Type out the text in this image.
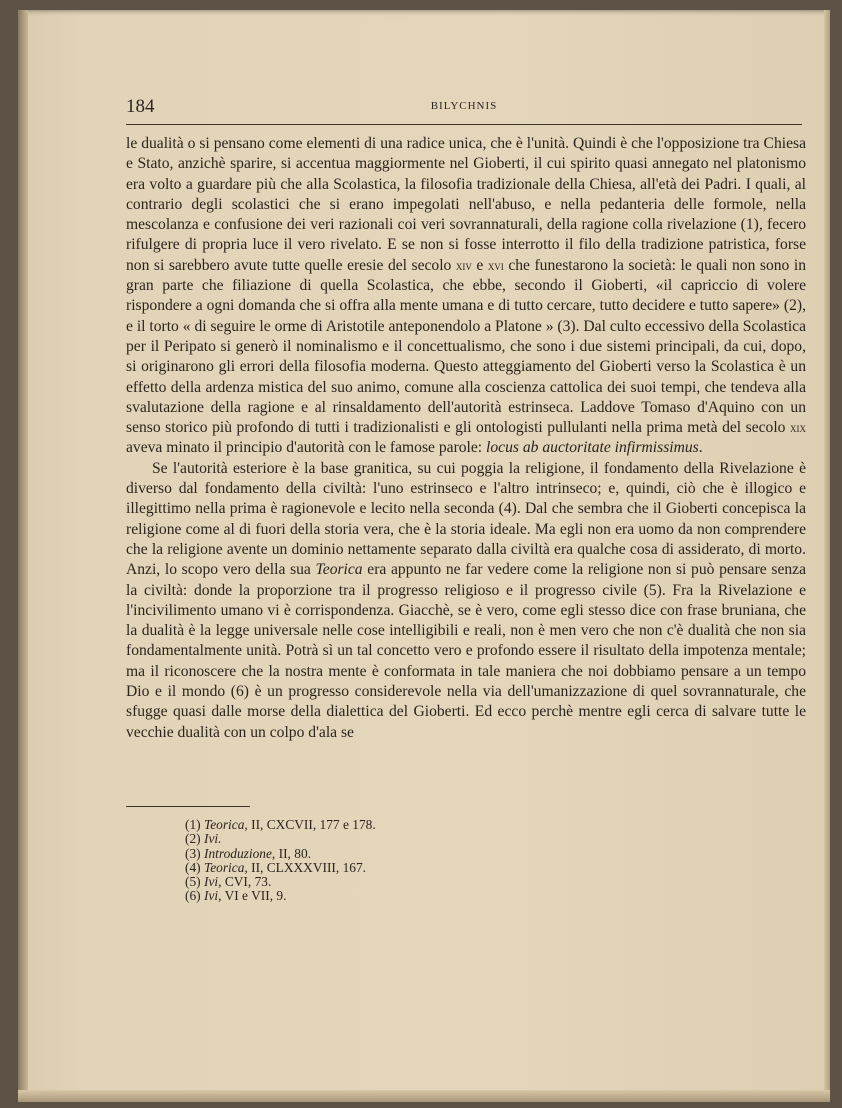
184	BILYCHNIS

le dualità o si pensano come elementi di una radice unica, che è l'unità. Quindi è che l'opposizione tra Chiesa e Stato, anzichè sparire, si accentua maggiormente nel Gioberti, il cui spirito quasi annegato nel platonismo era volto a guardare più che alla Scolastica, la filosofia tradizionale della Chiesa, all'età dei Padri. I quali, al contrario degli scolastici che si erano impegolati nell'abuso, e nella pedanteria delle formole, nella mescolanza e confusione dei veri razionali coi veri sovrannaturali, della ragione colla rivelazione (1), fecero rifulgere di propria luce il vero rivelato. E se non si fosse interrotto il filo della tradizione patristica, forse non si sarebbero avute tutte quelle eresie del secolo xiv e xvi che funestarono la società: le quali non sono in gran parte che filiazione di quella Scolastica, che ebbe, secondo il Gioberti, «il capriccio di volere rispondere a ogni domanda che si offra alla mente umana e di tutto cercare, tutto decidere e tutto sapere» (2), e il torto « di seguire le orme di Aristotile anteponendolo a Platone » (3). Dal culto eccessivo della Scolastica per il Peripato si generò il nominalismo e il concettualismo, che sono i due sistemi principali, da cui, dopo, si originarono gli errori della filosofia moderna. Questo atteggiamento del Gioberti verso la Scolastica è un effetto della ardenza mistica del suo animo, comune alla coscienza cattolica dei suoi tempi, che tendeva alla svalutazione della ragione e al rinsaldamento dell'autorità estrinseca. Laddove Tomaso d'Aquino con un senso storico più profondo di tutti i tradizionalisti e gli ontologisti pullulanti nella prima metà del secolo xix aveva minato il principio d'autorità con le famose parole: locus ab auctoritate infirmissimus.

Se l'autorità esteriore è la base granitica, su cui poggia la religione, il fondamento della Rivelazione è diverso dal fondamento della civiltà: l'uno estrinseco e l'altro intrinseco; e, quindi, ciò che è illogico e illegittimo nella prima è ragionevole e lecito nella seconda (4). Dal che sembra che il Gioberti concepisca la religione come al di fuori della storia vera, che è la storia ideale. Ma egli non era uomo da non comprendere che la religione avente un dominio nettamente separato dalla civiltà era qualche cosa di assiderato, di morto. Anzi, lo scopo vero della sua Teorica era appunto ne far vedere come la religione non si può pensare senza la civiltà: donde la proporzione tra il progresso religioso e il progresso civile (5). Fra la Rivelazione e l'incivilimento umano vi è corrispondenza. Giacchè, se è vero, come egli stesso dice con frase bruniana, che la dualità è la legge universale nelle cose intelligibili e reali, non è men vero che non c'è dualità che non sia fondamentalmente unità. Potrà sì un tal concetto vero e profondo essere il risultato della impotenza mentale; ma il riconoscere che la nostra mente è conformata in tale maniera che noi dobbiamo pensare a un tempo Dio e il mondo (6) è un progresso considerevole nella via dell'umanizzazione di quel sovrannaturale, che sfugge quasi dalle morse della dialettica del Gioberti. Ed ecco perchè mentre egli cerca di salvare tutte le vecchie dualità con un colpo d'ala se

(1) Teorica, II, CXCVII, 177 e 178.
(2) Ivi.
(3) Introduzione, II, 80.
(4) Teorica, II, CLXXXVIII, 167.
(5) Ivi, CVI, 73.
(6) Ivi, VI e VII, 9.
